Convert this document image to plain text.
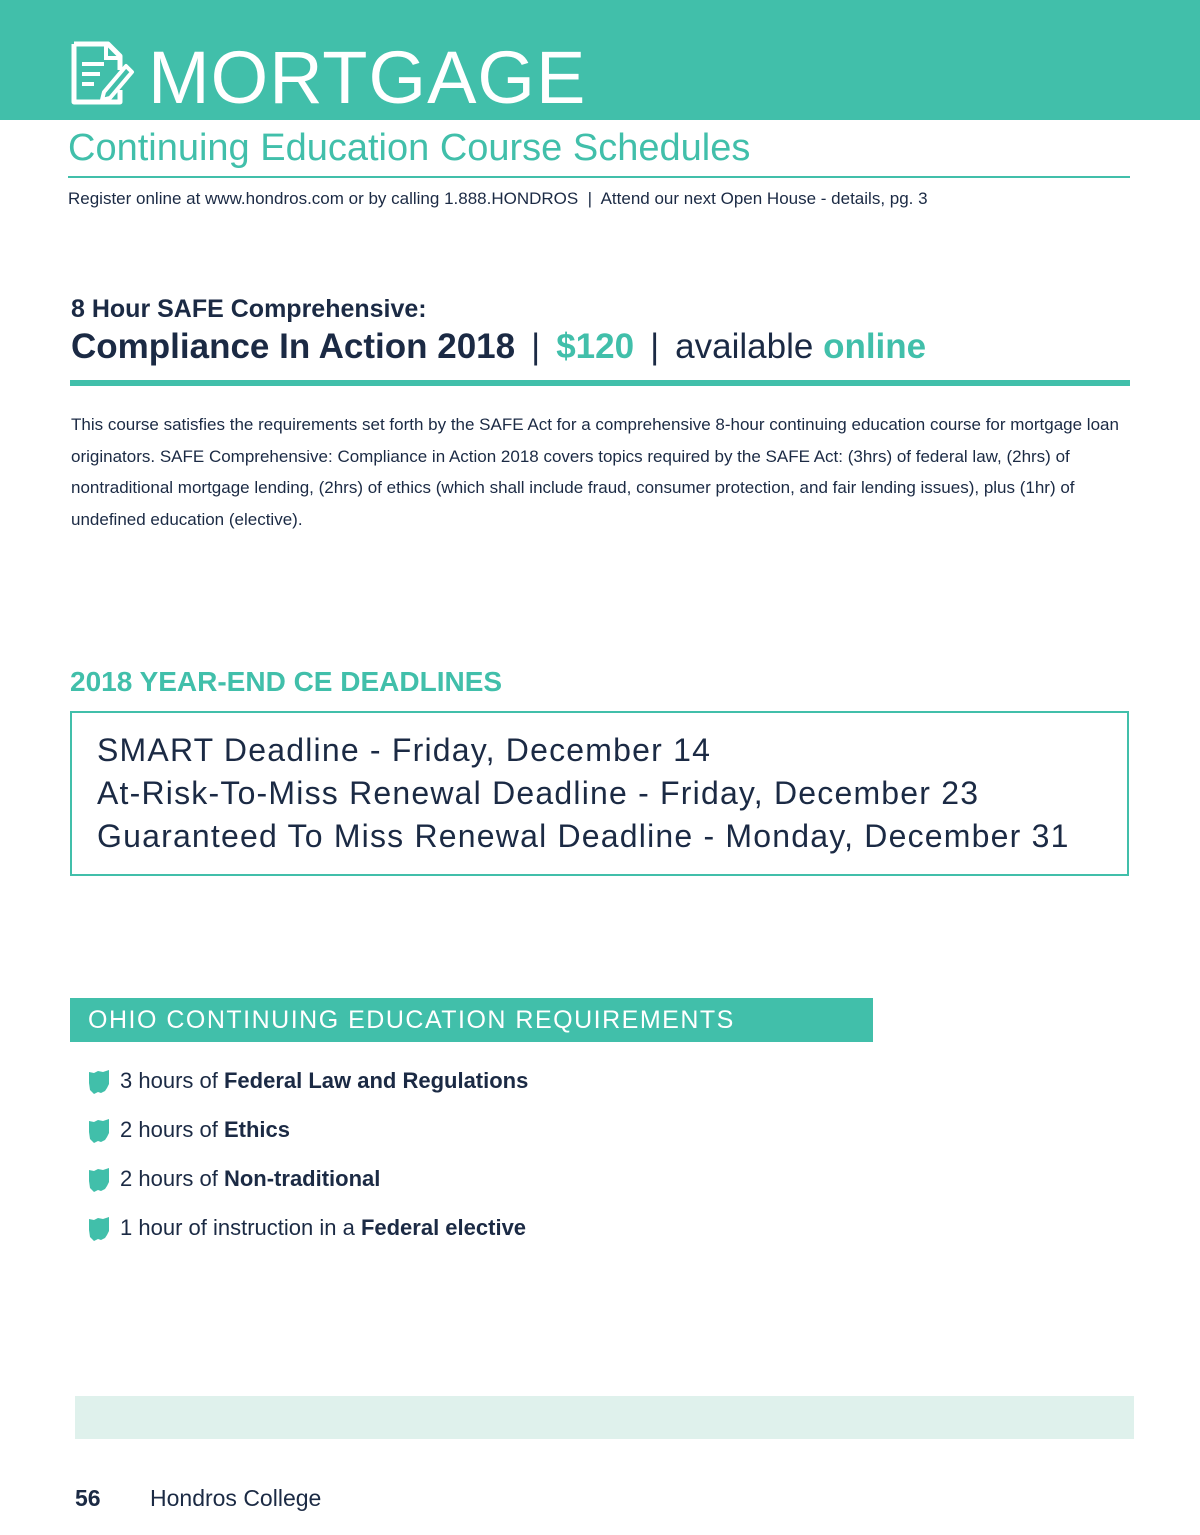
MORTGAGE
Continuing Education Course Schedules
Register online at www.hondros.com or by calling 1.888.HONDROS  |  Attend our next Open House - details, pg. 3
8 Hour SAFE Comprehensive:
Compliance In Action 2018 | $120 | available online
This course satisfies the requirements set forth by the SAFE Act for a comprehensive 8-hour continuing education course for mortgage loan originators. SAFE Comprehensive: Compliance in Action 2018 covers topics required by the SAFE Act: (3hrs) of federal law, (2hrs) of nontraditional mortgage lending, (2hrs) of ethics (which shall include fraud, consumer protection, and fair lending issues), plus (1hr) of undefined education (elective).
2018 YEAR-END CE DEADLINES
SMART Deadline - Friday, December 14
At-Risk-To-Miss Renewal Deadline - Friday, December 23
Guaranteed To Miss Renewal Deadline - Monday, December 31
OHIO CONTINUING EDUCATION REQUIREMENTS
3 hours of Federal Law and Regulations
2 hours of Ethics
2 hours of Non-traditional
1 hour of instruction in a Federal elective
56 Hondros College
